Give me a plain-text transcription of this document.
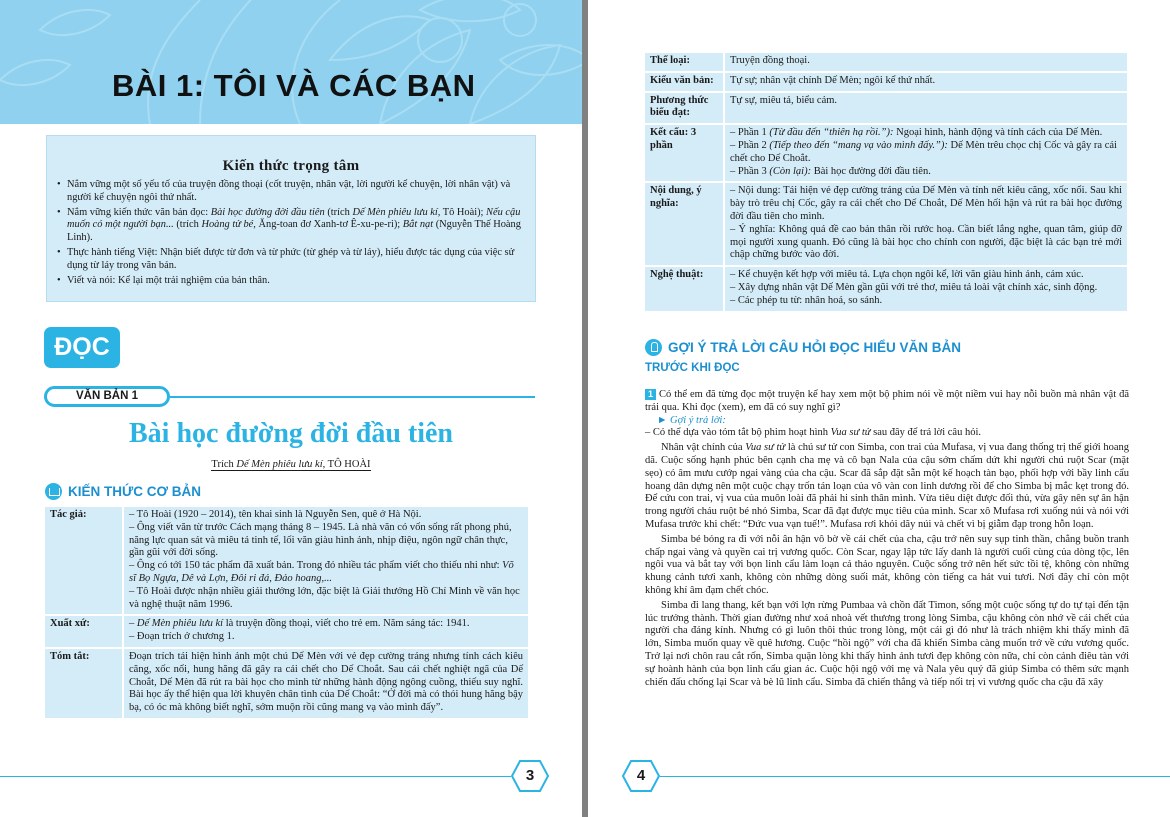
BÀI 1: TÔI VÀ CÁC BẠN
Kiến thức trọng tâm
• Nắm vững một số yếu tố của truyện đồng thoại (cốt truyện, nhân vật, lời người kể chuyện, lời nhân vật) và người kể chuyện ngôi thứ nhất.
• Nắm vững kiến thức văn bản đọc: Bài học đường đời đầu tiên (trích Dế Mèn phiêu lưu kí, Tô Hoài); Nếu cậu muốn có một người bạn... (trích Hoàng tử bé, Ăng-toan đơ Xanh-tơ Ê-xu-pe-ri); Bắt nạt (Nguyễn Thế Hoàng Linh).
• Thực hành tiếng Việt: Nhận biết được từ đơn và từ phức (từ ghép và từ láy), hiểu được tác dụng của việc sử dụng từ láy trong văn bản.
• Viết và nói: Kể lại một trải nghiệm của bản thân.
ĐỌC
VĂN BẢN 1
Bài học đường đời đầu tiên
Trích Dế Mèn phiêu lưu kí, TÔ HOÀI
KIẾN THỨC CƠ BẢN
Tác giả:	– Tô Hoài (1920 – 2014), tên khai sinh là Nguyễn Sen, quê ở Hà Nội.

– Ông viết văn từ trước Cách mạng tháng 8 – 1945. Là nhà văn có vốn sống rất phong phú, năng lực quan sát và miêu tả tinh tế, lối văn giàu hình ảnh, nhịp điệu, ngôn ngữ chân thực, gần gũi với đời sống.

– Ông có tới 150 tác phẩm đã xuất bản. Trong đó nhiều tác phẩm viết cho thiếu nhi như: Võ sĩ Bọ Ngựa, Dê và Lợn, Đôi ri đá, Đảo hoang,...

– Tô Hoài được nhận nhiều giải thưởng lớn, đặc biệt là Giải thưởng Hồ Chí Minh về văn học và nghệ thuật năm 1996.

Xuất xứ:	– Dế Mèn phiêu lưu kí là truyện đồng thoại, viết cho trẻ em. Năm sáng tác: 1941.

– Đoạn trích ở chương 1.

Tóm tắt:	Đoạn trích tái hiện hình ảnh một chú Dế Mèn với vẻ đẹp cường tráng nhưng tính cách kiêu căng, xốc nổi, hung hăng đã gây ra cái chết cho Dế Choắt. Sau cái chết nghiệt ngã của Dế Choắt, Dế Mèn đã rút ra bài học cho mình từ những hành động ngông cuồng, thiếu suy nghĩ. Bài học ấy thể hiện qua lời khuyên chân tình của Dế Choắt: “Ở đời mà có thói hung hăng bậy bạ, có óc mà không biết nghĩ, sớm muộn rồi cũng mang vạ vào mình đấy”.
3
Thể loại:	Truyện đồng thoại.
Kiểu văn bản:	Tự sự; nhân vật chính Dế Mèn; ngôi kể thứ nhất.
Phương thức biểu đạt:	Tự sự, miêu tả, biểu cảm.
Kết cấu: 3 phần	– Phần 1 (Từ đầu đến “thiên hạ rồi.”): Ngoại hình, hành động và tính cách của Dế Mèn.

– Phần 2 (Tiếp theo đến “mang vạ vào mình đấy.”): Dế Mèn trêu chọc chị Cốc và gây ra cái chết cho Dế Choắt.

– Phần 3 (Còn lại): Bài học đường đời đầu tiên.

Nội dung, ý nghĩa:	– Nội dung: Tái hiện vẻ đẹp cường tráng của Dế Mèn và tính nết kiêu căng, xốc nổi. Sau khi bày trò trêu chị Cốc, gây ra cái chết cho Dế Choắt, Dế Mèn hối hận và rút ra bài học đường đời đầu tiên cho mình.

– Ý nghĩa: Không quá đề cao bản thân rồi rước hoạ. Cần biết lắng nghe, quan tâm, giúp đỡ mọi người xung quanh. Đó cũng là bài học cho chính con người, đặc biệt là các bạn trẻ mới chập chững bước vào đời.

Nghệ thuật:	– Kể chuyện kết hợp với miêu tả. Lựa chọn ngôi kể, lời văn giàu hình ảnh, cảm xúc.

– Xây dựng nhân vật Dế Mèn gần gũi với trẻ thơ, miêu tả loài vật chính xác, sinh động.

– Các phép tu từ: nhân hoá, so sánh.

GỢI Ý TRẢ LỜI CÂU HỎI ĐỌC HIỂU VĂN BẢN
TRƯỚC KHI ĐỌC

1 Có thể em đã từng đọc một truyện kể hay xem một bộ phim nói về một niềm vui hay nỗi buồn mà nhân vật đã trải qua. Khi đọc (xem), em đã có suy nghĩ gì?

► Gợi ý trả lời:

– Có thể dựa vào tóm tắt bộ phim hoạt hình Vua sư tử sau đây để trả lời câu hỏi.

Nhân vật chính của Vua sư tử là chú sư tử con Simba, con trai của Mufasa, vị vua đang thống trị thế giới hoang dã. Cuộc sống hạnh phúc bên cạnh cha mẹ và cô bạn Nala của cậu sớm chấm dứt khi người chú ruột Scar (mặt sẹo) có âm mưu cướp ngai vàng của cha cậu. Scar đã sắp đặt sẵn một kế hoạch tàn bạo, phối hợp với bầy linh cẩu hoang dân dựng nên một cuộc chạy trốn tán loạn của vô vàn con linh dương rồi để cho Simba bị mắc kẹt trong đó. Để cứu con trai, vị vua của muôn loài đã phải hi sinh thân mình. Vừa tiêu diệt được đối thủ, vừa gây nên sự ân hận trong người cháu ruột bé nhỏ Simba, Scar đã đạt được mục tiêu của mình. Scar xô Mufasa rơi xuống núi và nói với Mufasa trước khi chết: “Đức vua vạn tuế!”. Mufasa rơi khỏi dãy núi và chết vì bị giẫm đạp trong hỗn loạn.

Simba bé bỏng ra đi với nỗi ân hận vô bờ về cái chết của cha, cậu trở nên suy sụp tinh thần, chẳng buồn tranh chấp ngai vàng và quyền cai trị vương quốc. Còn Scar, ngay lập tức lấy danh là người cuối cùng của dòng tộc, lên ngôi vua và bắt tay với bọn linh cẩu làm loạn cả thảo nguyên. Cuộc sống trở nên hết sức tồi tệ, không còn những khung cảnh tươi xanh, không còn những dòng suối mát, không còn tiếng ca hát vui tươi. Nơi đây chỉ còn một không khí âm đạm chết chóc.

Simba đi lang thang, kết bạn với lợn rừng Pumbaa và chồn đất Timon, sống một cuộc sống tự do tự tại đến tận lúc trưởng thành. Thời gian đường như xoá nhoà vết thương trong lòng Simba, cậu không còn nhớ về cái chết của người cha đáng kính. Nhưng có gì luôn thôi thúc trong lòng, một cái gì đó như là trách nhiệm khi thấy mình đã lớn, Simba muốn quay về quê hương. Cuộc “hồi ngộ” với cha đã khiến Simba càng muốn trở về cứu vương quốc. Trở lại nơi chôn rau cắt rốn, Simba quặn lòng khi thấy hình ảnh tươi đẹp không còn nữa, chỉ còn cảnh điêu tàn với sự hoành hành của bọn linh cẩu gian ác. Cuộc hội ngộ với mẹ và Nala yêu quý đã giúp Simba có thêm sức mạnh chiến đấu chống lại Scar và bè lũ linh cẩu. Simba đã chiến thắng và tiếp nối trị vì vương quốc cha cậu đã xây

4
